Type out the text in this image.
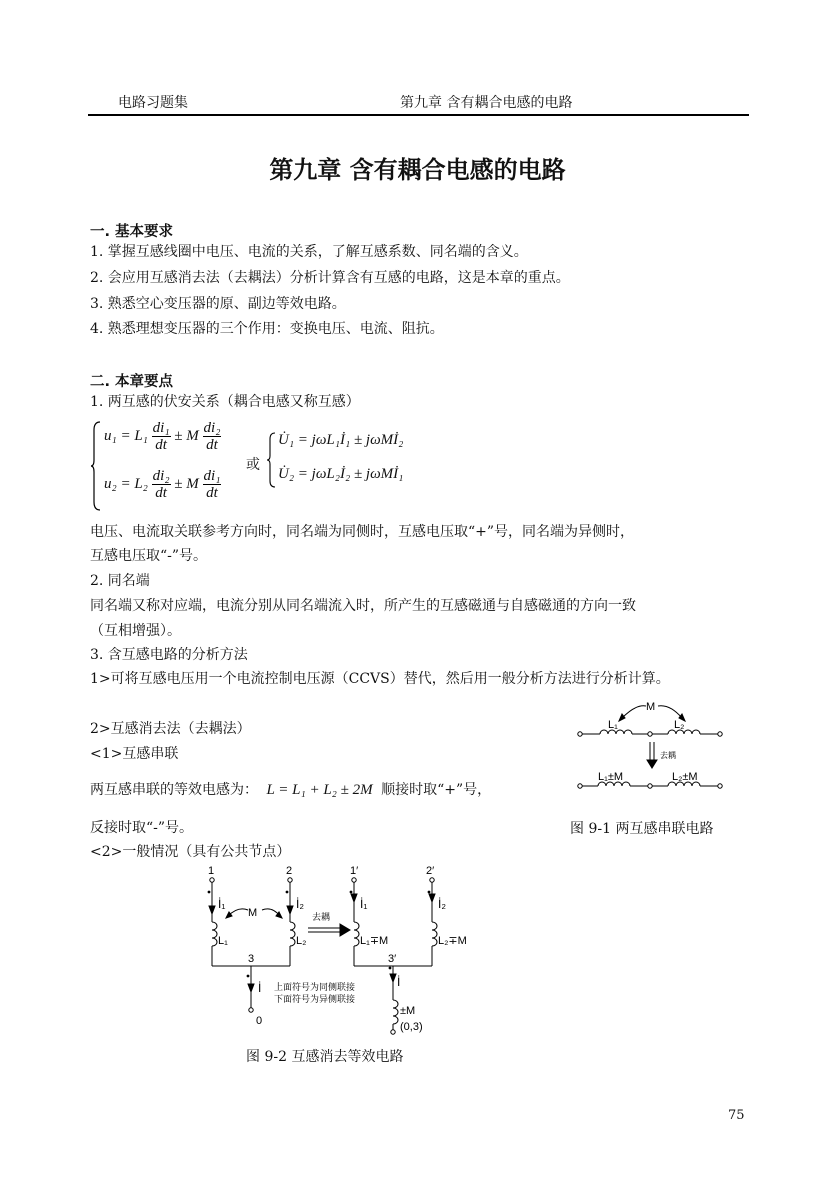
电路习题集	第九章 含有耦合电感的电路
第九章 含有耦合电感的电路
一. 基本要求
1. 掌握互感线圈中电压、电流的关系，了解互感系数、同名端的含义。
2. 会应用互感消去法（去耦法）分析计算含有互感的电路，这是本章的重点。
3. 熟悉空心变压器的原、副边等效电路。
4. 熟悉理想变压器的三个作用：变换电压、电流、阻抗。
二. 本章要点
1. 两互感的伏安关系（耦合电感又称互感）
$u_1 = L_1 \frac{\text{di₁}}{dt} \pm M \frac{\text{di₂}}{dt}$
$u_2 = L_2 \frac{\text{di₂}}{dt} \pm M \frac{\text{di₁}}{dt}$
或
U̇₁ = jωL₁İ₁ ± jωMİ₂
U̇₂ = jωL₂İ₂ ± jωMİ₁
电压、电流取关联参考方向时，同名端为同侧时，互感电压取“+”号，同名端为异侧时，
互感电压取“-”号。
2. 同名端
同名端又称对应端，电流分别从同名端流入时，所产生的互感磁通与自感磁通的方向一致
（互相增强）。
3. 含互感电路的分析方法
1>可将互感电压用一个电流控制电压源（CCVS）替代，然后用一般分析方法进行分析计算。
2>互感消去法（去耦法）
<1>互感串联
两互感串联的等效电感为： L = L₁ + L₂ ± 2M 顺接时取“+”号，
反接时取“-”号。
<2>一般情况（具有公共节点）
M
L₁	L₂
去耦
L₁±M	L₂±M
图 9-1 两互感串联电路
1	2
3
0
1′	2′
3′
İ₁	İ₂
M
L₁	L₂
去耦
İ₁	İ₂
L₁∓M	L₂∓M
İ 上面符号为同侧联接
下面符号为异侧联接
İ
±M
(0,3)
图 9-2 互感消去等效电路
75
